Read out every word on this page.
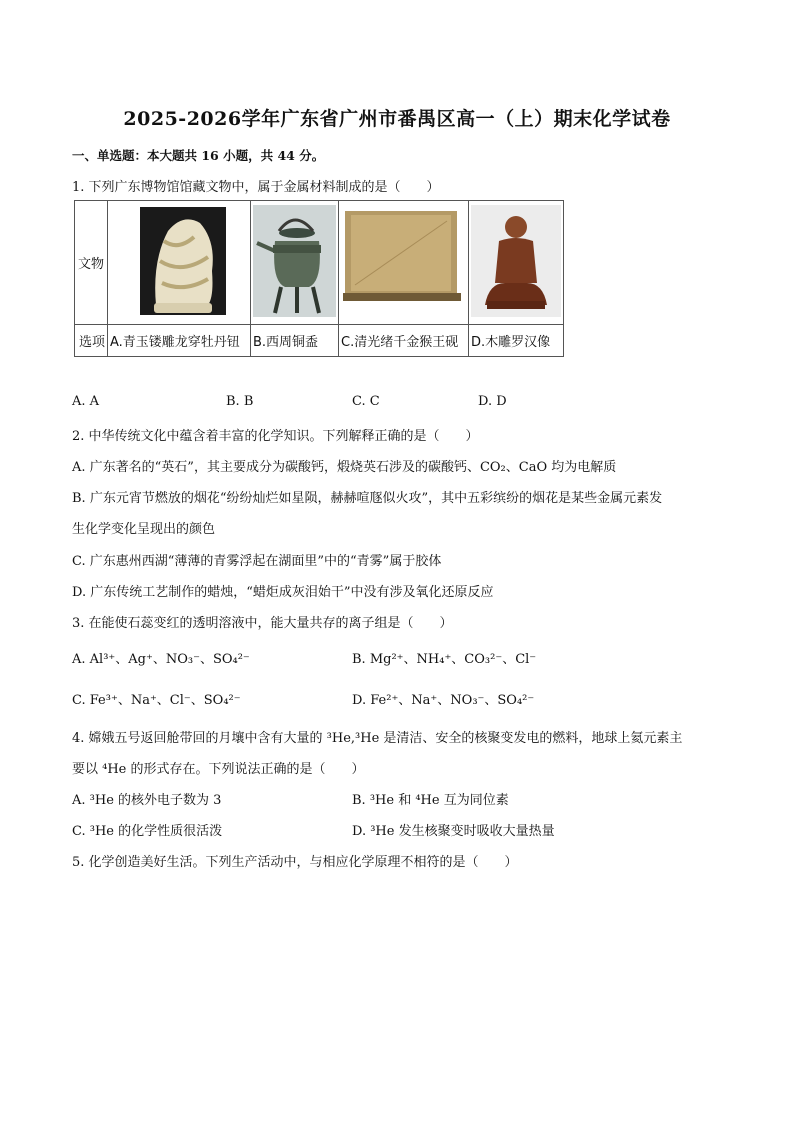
2025-2026学年广东省广州市番禺区高一（上）期末化学试卷
一、单选题：本大题共 16 小题，共 44 分。
1. 下列广东博物馆馆藏文物中，属于金属材料制成的是（　　）
文物				
选项	A.青玉镂雕龙穿牡丹钮	B.西周铜盉	C.清光绪千金猴王砚	D.木雕罗汉像
A. A	B. B	C. C	D. D
2. 中华传统文化中蕴含着丰富的化学知识。下列解释正确的是（　　）
A. 广东著名的“英石”，其主要成分为碳酸钙，煅烧英石涉及的碳酸钙、CO₂、CaO 均为电解质
B. 广东元宵节燃放的烟花“纷纷灿烂如星陨，赫赫喧豗似火攻”，其中五彩缤纷的烟花是某些金属元素发
生化学变化呈现出的颜色
C. 广东惠州西湖“薄薄的青雾浮起在湖面里”中的“青雾”属于胶体
D. 广东传统工艺制作的蜡烛，“蜡炬成灰泪始干”中没有涉及氧化还原反应
3. 在能使石蕊变红的透明溶液中，能大量共存的离子组是（　　）
A. Al³⁺、Ag⁺、NO₃⁻、SO₄²⁻	B. Mg²⁺、NH₄⁺、CO₃²⁻、Cl⁻
C. Fe³⁺、Na⁺、Cl⁻、SO₄²⁻	D. Fe²⁺、Na⁺、NO₃⁻、SO₄²⁻
4. 嫦娥五号返回舱带回的月壤中含有大量的 ³He,³He 是清洁、安全的核聚变发电的燃料，地球上氦元素主
要以 ⁴He 的形式存在。下列说法正确的是（　　）
A. ³He 的核外电子数为 3	B. ³He 和 ⁴He 互为同位素
C. ³He 的化学性质很活泼	D. ³He 发生核聚变时吸收大量热量
5. 化学创造美好生活。下列生产活动中，与相应化学原理不相符的是（　　）
